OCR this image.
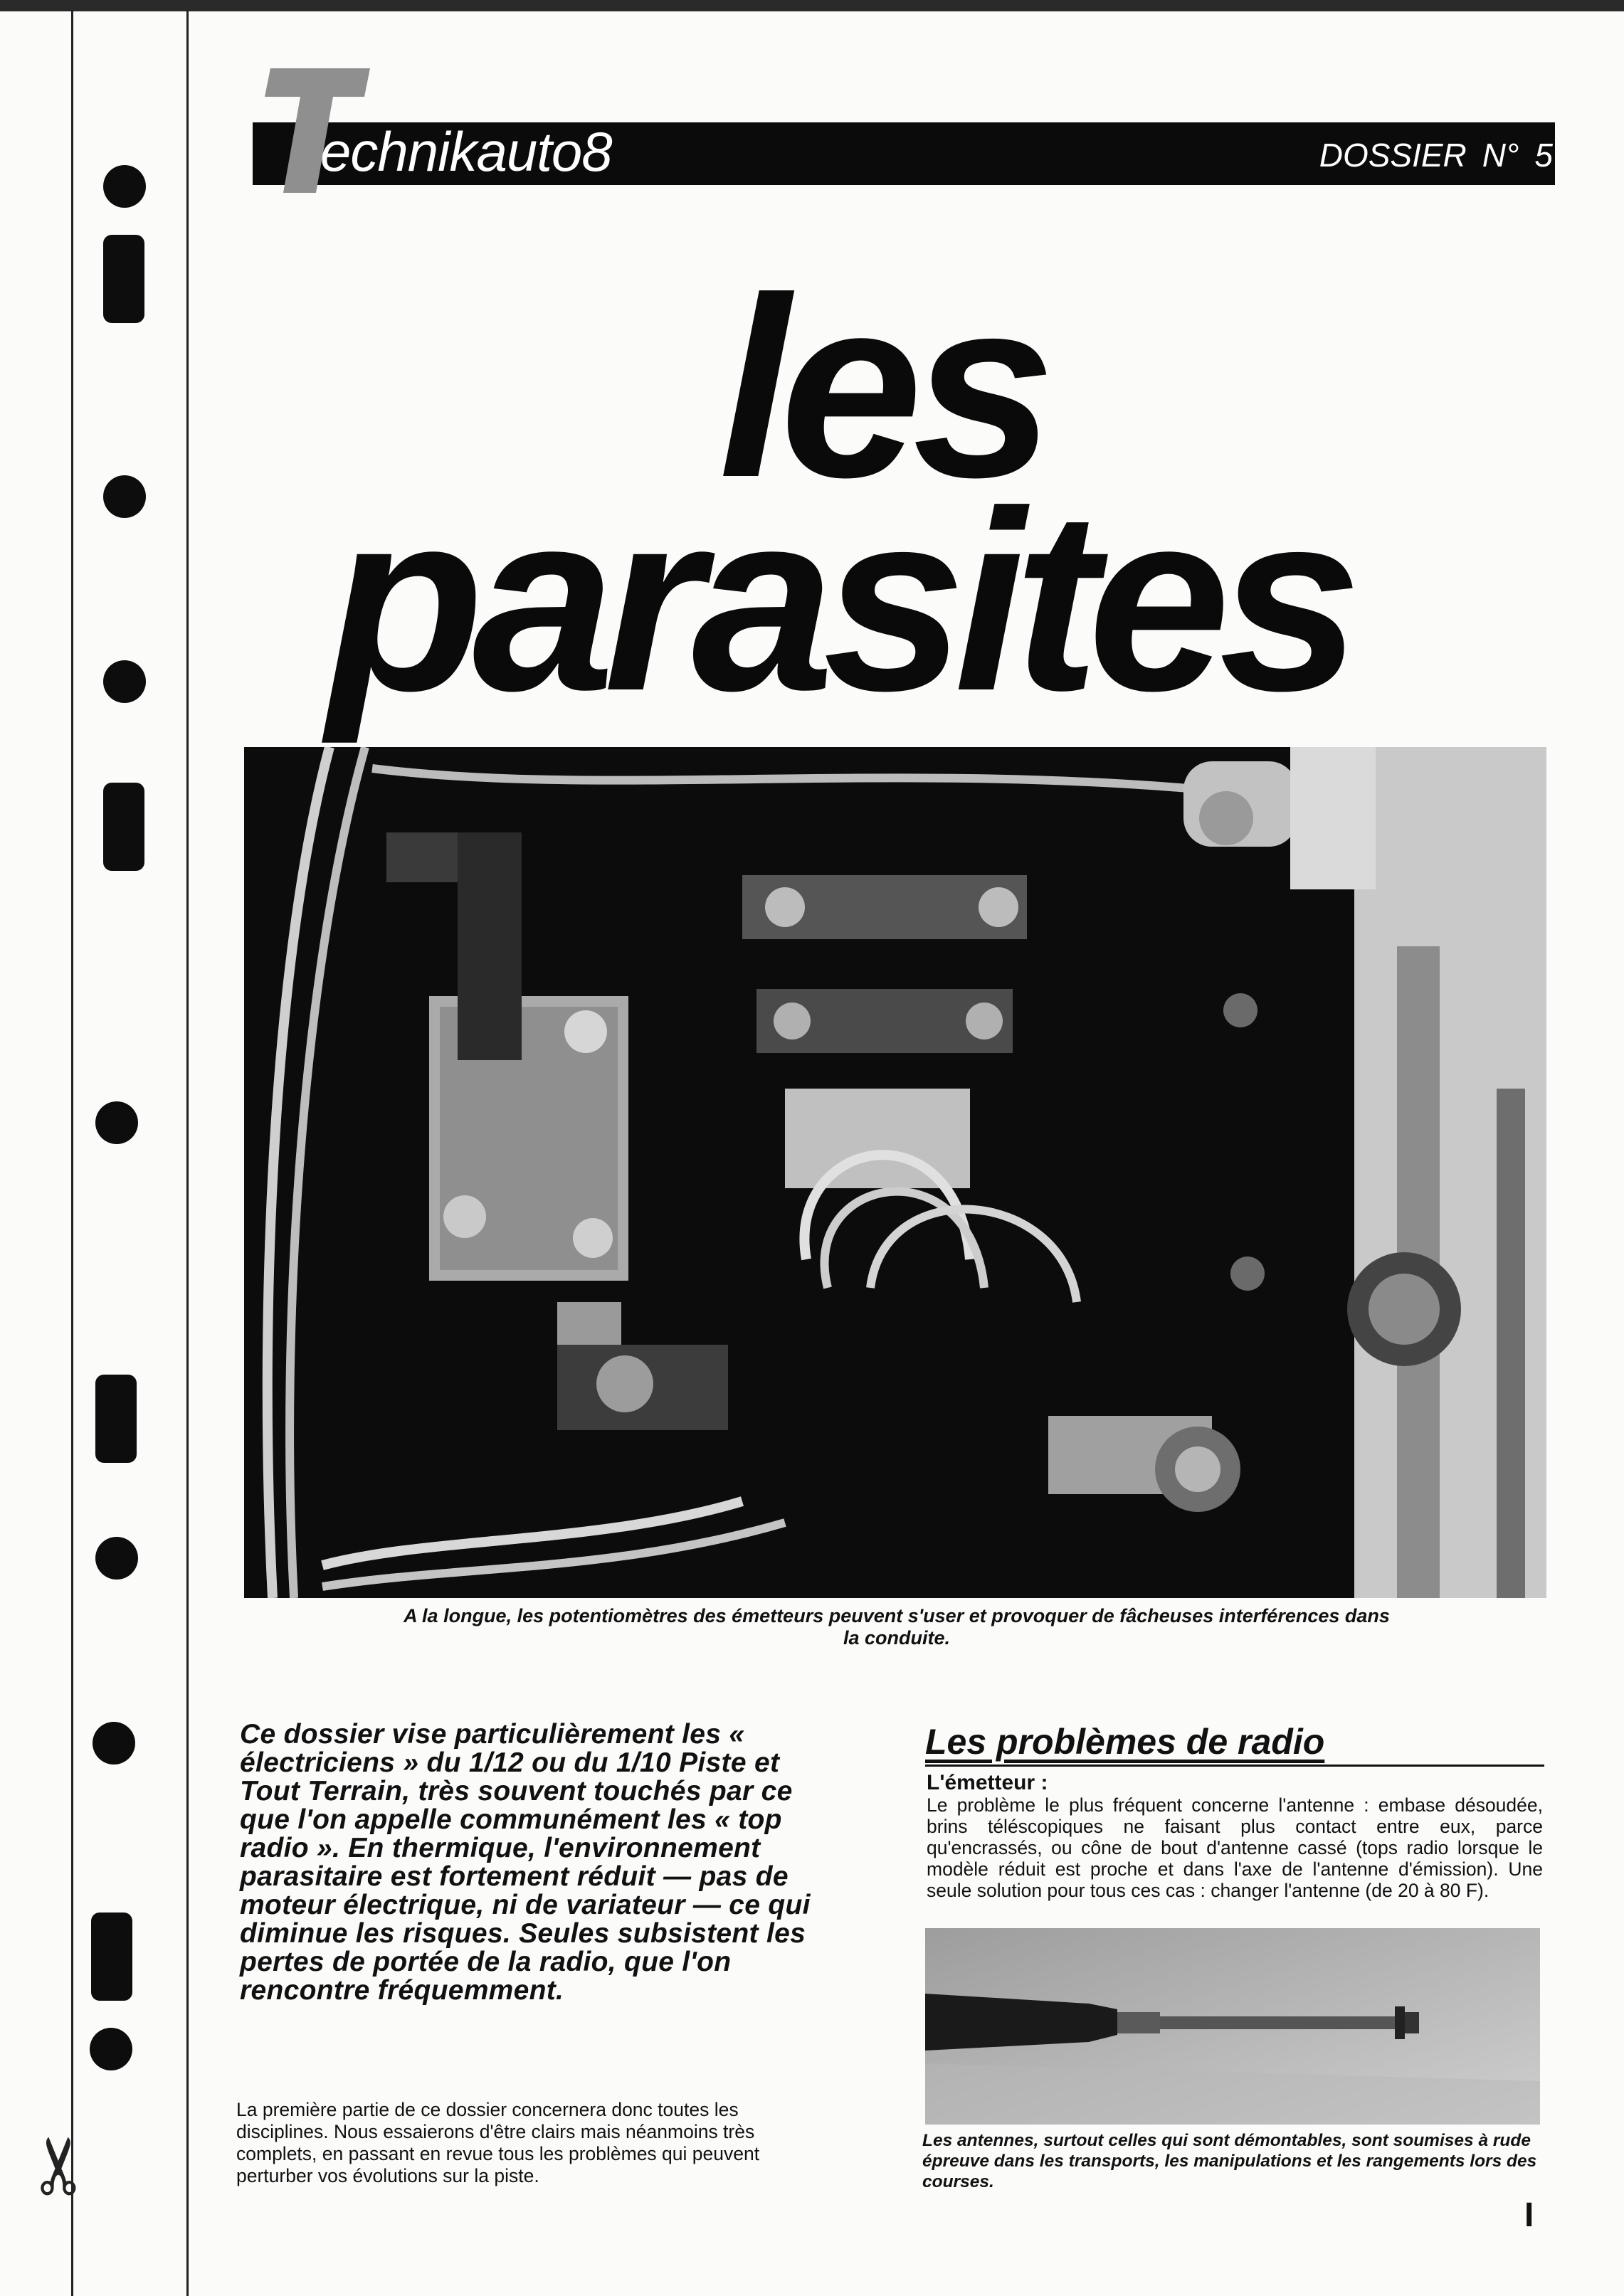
✂
echnikauto8	DOSSIER N° 5
les
parasites
A la longue, les potentiomètres des émetteurs peuvent s'user et provoquer de fâcheuses interférences dans la conduite.
Ce dossier vise particulièrement les « électriciens » du 1/12 ou du 1/10 Piste et Tout Terrain, très souvent touchés par ce que l'on appelle communément les « top radio ». En thermique, l'environnement parasitaire est fortement réduit — pas de moteur électrique, ni de variateur — ce qui diminue les risques. Seules subsistent les pertes de portée de la radio, que l'on rencontre fréquemment.
La première partie de ce dossier concernera donc toutes les disciplines. Nous essaierons d'être clairs mais néanmoins très complets, en passant en revue tous les problèmes qui peuvent perturber vos évolutions sur la piste.
Les problèmes de radio
L'émetteur :
Le problème le plus fréquent concerne l'antenne : embase désoudée, brins téléscopiques ne faisant plus contact entre eux, parce qu'encrassés, ou cône de bout d'antenne cassé (tops radio lorsque le modèle réduit est proche et dans l'axe de l'antenne d'émission). Une seule solution pour tous ces cas : changer l'antenne (de 20 à 80 F).
Les antennes, surtout celles qui sont démontables, sont soumises à rude épreuve dans les transports, les manipulations et les rangements lors des courses.
I
